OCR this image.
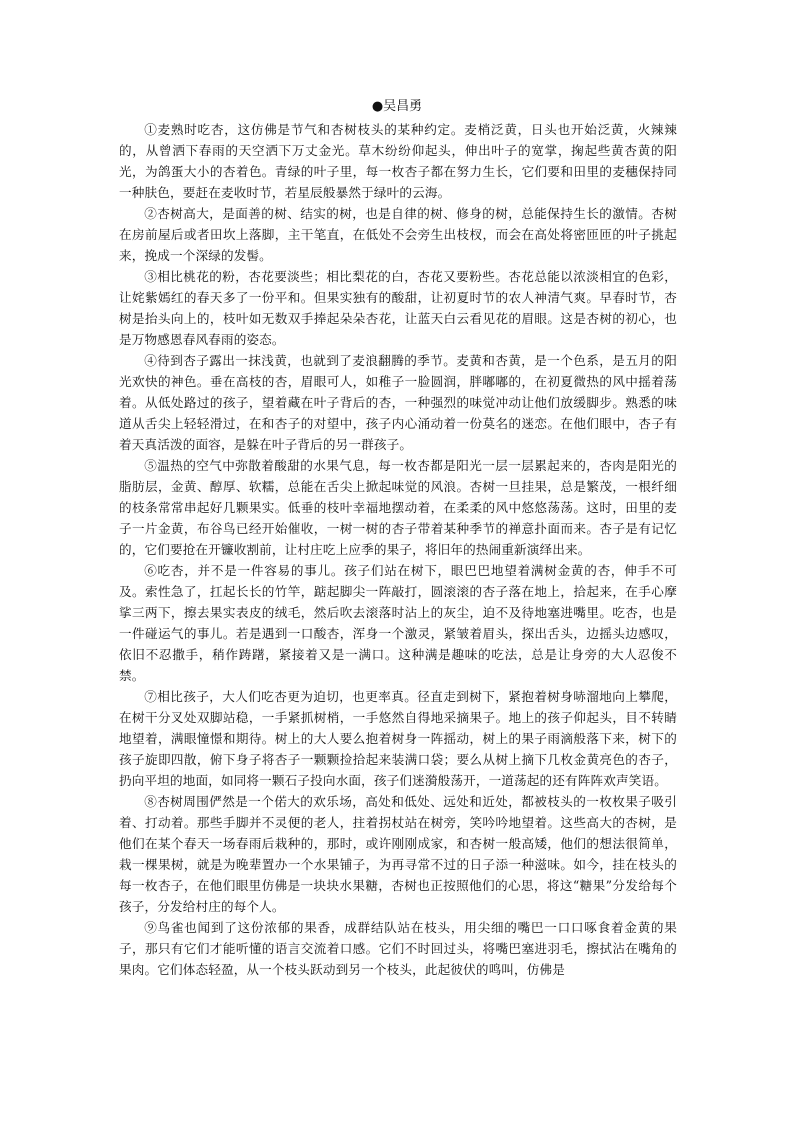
●吴昌勇

①麦熟时吃杏，这仿佛是节气和杏树枝头的某种约定。麦梢泛黄，日头也开始泛黄，火辣辣的，从曾洒下春雨的天空洒下万丈金光。草木纷纷仰起头，伸出叶子的宽掌，掬起些黄杏黄的阳光，为鸽蛋大小的杏着色。青绿的叶子里，每一枚杏子都在努力生长，它们要和田里的麦穗保持同一种肤色，要赶在麦收时节，若星辰般暴然于绿叶的云海。

②杏树高大，是面善的树、结实的树，也是自律的树、修身的树，总能保持生长的激情。杏树在房前屋后或者田坎上落脚，主干笔直，在低处不会旁生出枝杈，而会在高处将密匝匝的叶子挑起来，挽成一个深绿的发髻。

③相比桃花的粉，杏花要淡些；相比梨花的白，杏花又要粉些。杏花总能以浓淡相宜的色彩，让姹紫嫣红的春天多了一份平和。但果实独有的酸甜，让初夏时节的农人神清气爽。早春时节，杏树是抬头向上的，枝叶如无数双手捧起朵朵杏花，让蓝天白云看见花的眉眼。这是杏树的初心，也是万物感恩春风春雨的姿态。

④待到杏子露出一抹浅黄，也就到了麦浪翻腾的季节。麦黄和杏黄，是一个色系，是五月的阳光欢快的神色。垂在高枝的杏，眉眼可人，如稚子一脸圆润，胖嘟嘟的，在初夏微热的风中摇着荡着。从低处路过的孩子，望着藏在叶子背后的杏，一种强烈的味觉冲动让他们放缓脚步。熟悉的味道从舌尖上轻轻滑过，在和杏子的对望中，孩子内心涌动着一份莫名的迷恋。在他们眼中，杏子有着天真活泼的面容，是躲在叶子背后的另一群孩子。

⑤温热的空气中弥散着酸甜的水果气息，每一枚杏都是阳光一层一层累起来的，杏肉是阳光的脂肪层，金黄、醇厚、软糯，总能在舌尖上掀起味觉的风浪。杏树一旦挂果，总是繁茂，一根纤细的枝条常常串起好几颗果实。低垂的枝叶幸福地摆动着，在柔柔的风中悠悠荡荡。这时，田里的麦子一片金黄，布谷鸟已经开始催收，一树一树的杏子带着某种季节的禅意扑面而来。杏子是有记忆的，它们要抢在开镰收割前，让村庄吃上应季的果子，将旧年的热闹重新演绎出来。

⑥吃杏，并不是一件容易的事儿。孩子们站在树下，眼巴巴地望着满树金黄的杏，伸手不可及。索性急了，扛起长长的竹竿，踮起脚尖一阵敲打，圆滚滚的杏子落在地上，拾起来，在手心摩挲三两下，擦去果实表皮的绒毛，然后吹去滚落时沾上的灰尘，迫不及待地塞进嘴里。吃杏，也是一件碰运气的事儿。若是遇到一口酸杏，浑身一个激灵，紧皱着眉头，探出舌头，边摇头边感叹，依旧不忍撒手，稍作踌躇，紧接着又是一满口。这种满是趣味的吃法，总是让身旁的大人忍俊不禁。

⑦相比孩子，大人们吃杏更为迫切，也更率真。径直走到树下，紧抱着树身哧溜地向上攀爬，在树干分叉处双脚站稳，一手紧抓树梢，一手悠然自得地采摘果子。地上的孩子仰起头，目不转睛地望着，满眼憧憬和期待。树上的大人要么抱着树身一阵摇动，树上的果子雨滴般落下来，树下的孩子旋即四散，俯下身子将杏子一颗颗捡拾起来装满口袋；要么从树上摘下几枚金黄亮色的杏子，扔向平坦的地面，如同将一颗石子投向水面，孩子们迷漪般荡开，一道荡起的还有阵阵欢声笑语。

⑧杏树周围俨然是一个偌大的欢乐场，高处和低处、远处和近处，都被枝头的一枚枚果子吸引着、打动着。那些手脚并不灵便的老人，拄着拐杖站在树旁，笑吟吟地望着。这些高大的杏树，是他们在某个春天一场春雨后栽种的，那时，或许刚刚成家，和杏树一般高矮，他们的想法很简单，栽一棵果树，就是为晚辈置办一个水果铺子，为再寻常不过的日子添一种滋味。如今，挂在枝头的每一枚杏子，在他们眼里仿佛是一块块水果糖，杏树也正按照他们的心思，将这“糖果”分发给每个孩子，分发给村庄的每个人。

⑨鸟雀也闻到了这份浓郁的果香，成群结队站在枝头，用尖细的嘴巴一口口啄食着金黄的果子，那只有它们才能听懂的语言交流着口感。它们不时回过头，将嘴巴塞进羽毛，擦拭沾在嘴角的果肉。它们体态轻盈，从一个枝头跃动到另一个枝头，此起彼伏的鸣叫，仿佛是
